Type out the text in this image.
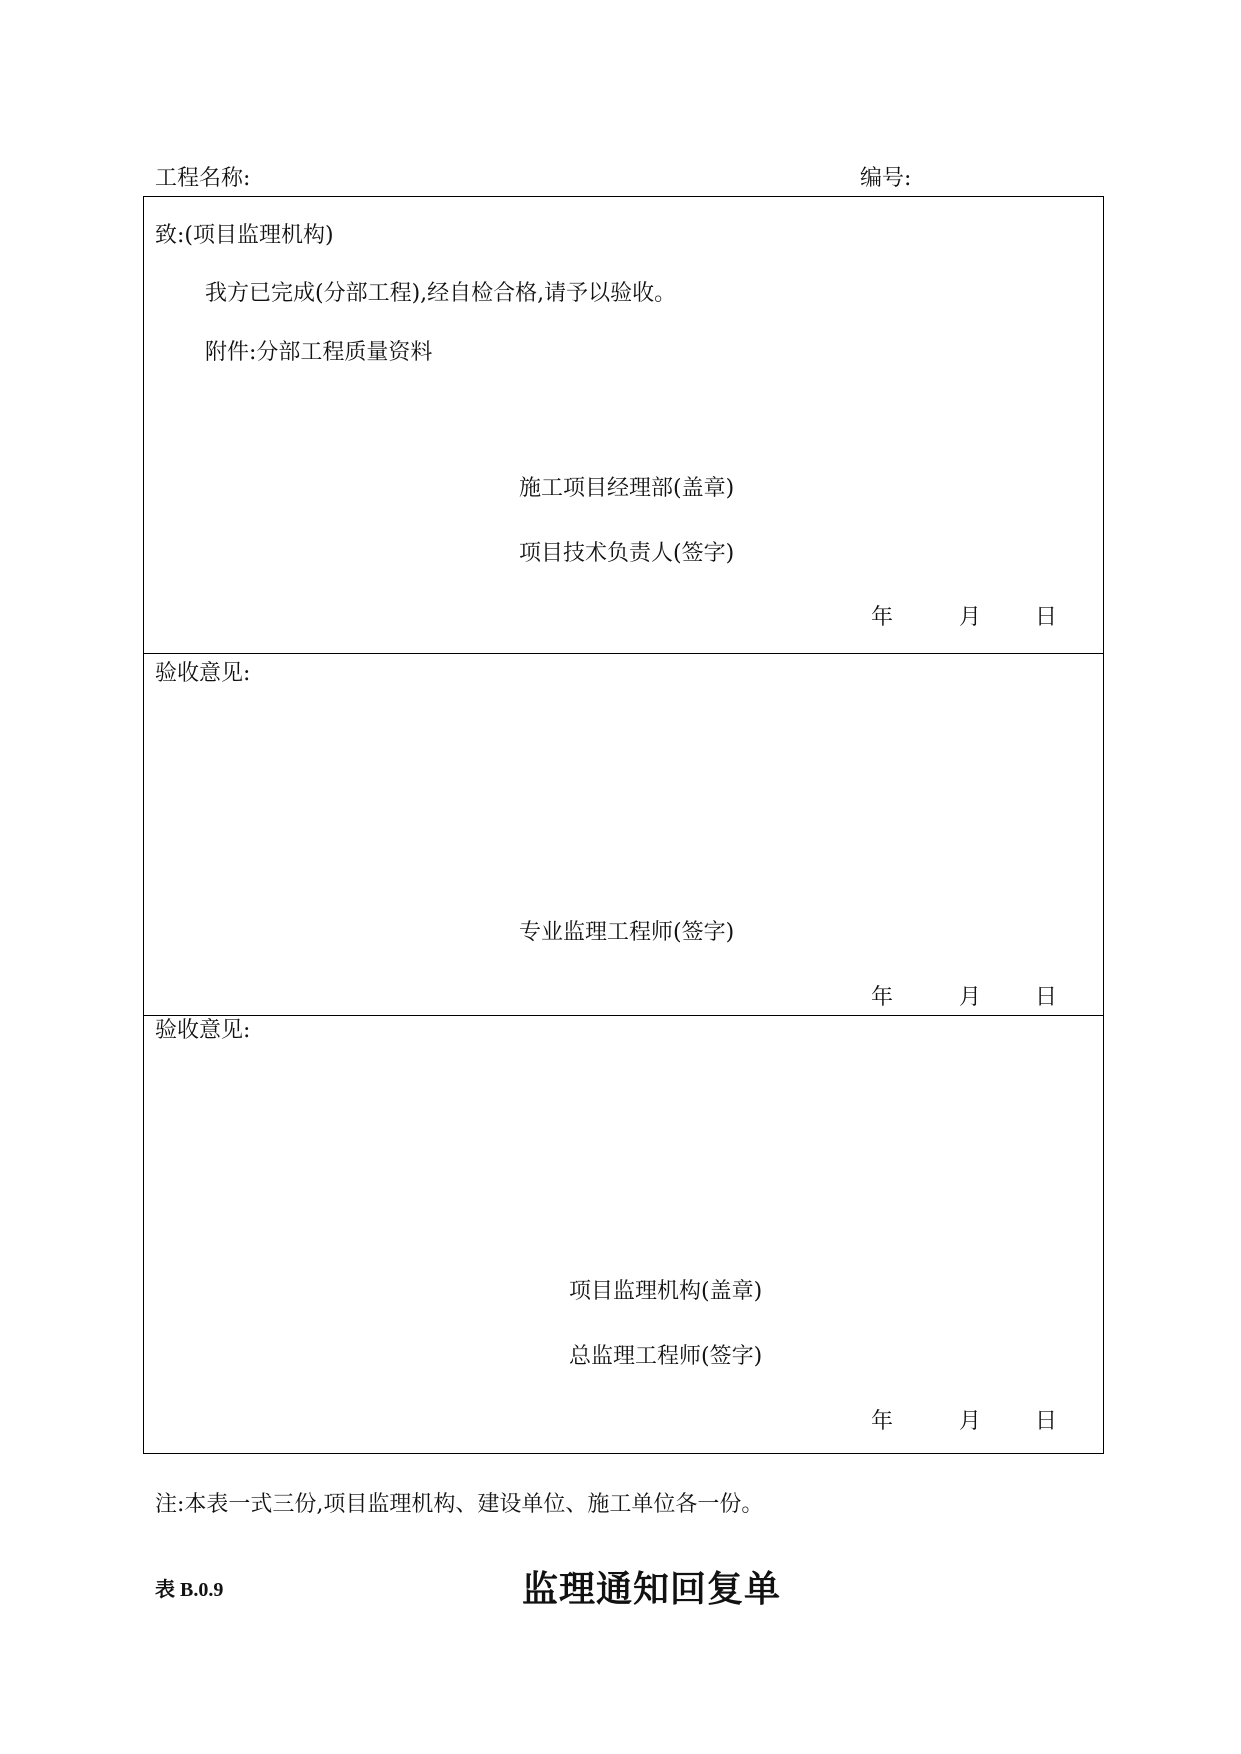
工程名称:	编号:
致:(项目监理机构)
我方已完成(分部工程),经自检合格,请予以验收。
附件:分部工程质量资料
施工项目经理部(盖章)
项目技术负责人(签字)
年	月 日
验收意见:
专业监理工程师(签字)
年	月 日
验收意见:
项目监理机构(盖章)
总监理工程师(签字)
年	月 日
注:本表一式三份,项目监理机构、建设单位、施工单位各一份。
表 B.0.9	监理通知回复单
